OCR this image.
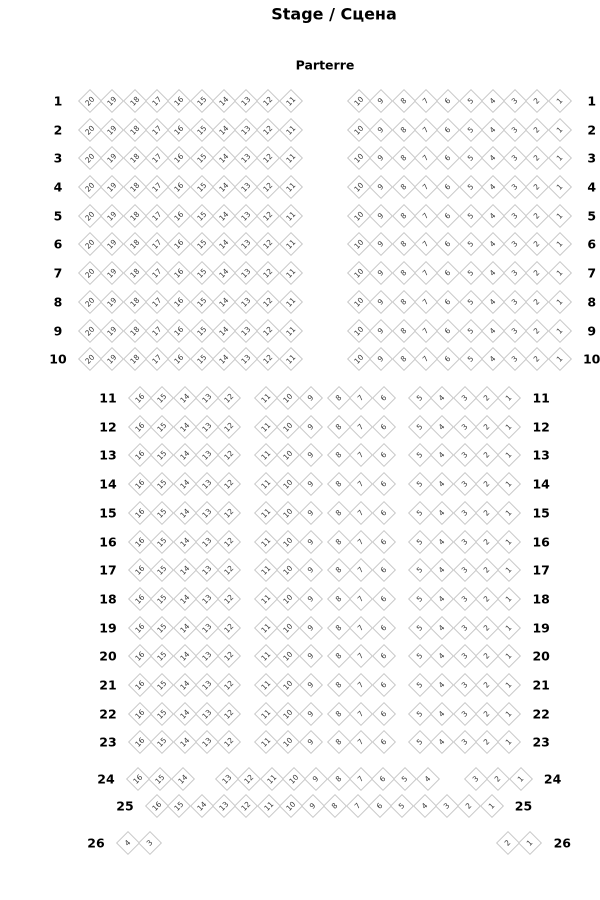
Stage / Сцена
Parterre
1	1
20 19 18 17 16 15 14 13 12 11	10 9 8 7 6 5 4 3 2 1
2	2
20 19 18 17 16 15 14 13 12 11	10 9 8 7 6 5 4 3 2 1
3	3
20 19 18 17 16 15 14 13 12 11	10 9 8 7 6 5 4 3 2 1
4	4
20 19 18 17 16 15 14 13 12 11	10 9 8 7 6 5 4 3 2 1
5	5
20 19 18 17 16 15 14 13 12 11	10 9 8 7 6 5 4 3 2 1
6	6
20 19 18 17 16 15 14 13 12 11	10 9 8 7 6 5 4 3 2 1
7	7
20 19 18 17 16 15 14 13 12 11	10 9 8 7 6 5 4 3 2 1
8	8
20 19 18 17 16 15 14 13 12 11	10 9 8 7 6 5 4 3 2 1
9	9
20 19 18 17 16 15 14 13 12 11	10 9 8 7 6 5 4 3 2 1
10	10
20 19 18 17 16 15 14 13 12 11	10 9 8 7 6 5 4 3 2 1
11	11
16 15 14 13 12	11 10 9 8 7 6	5 4 3 2 1
12	12
16 15 14 13 12	11 10 9 8 7 6	5 4 3 2 1
13	13
16 15 14 13 12	11 10 9 8 7 6	5 4 3 2 1
14	14
16 15 14 13 12	11 10 9 8 7 6	5 4 3 2 1
15	15
16 15 14 13 12	11 10 9 8 7 6	5 4 3 2 1
16	16
16 15 14 13 12	11 10 9 8 7 6	5 4 3 2 1
17	17
16 15 14 13 12	11 10 9 8 7 6	5 4 3 2 1
18	18
16 15 14 13 12	11 10 9 8 7 6	5 4 3 2 1
19	19
16 15 14 13 12	11 10 9 8 7 6	5 4 3 2 1
20	20
16 15 14 13 12	11 10 9 8 7 6	5 4 3 2 1
21	21
16 15 14 13 12	11 10 9 8 7 6	5 4 3 2 1
22	22
16 15 14 13 12	11 10 9 8 7 6	5 4 3 2 1
23	23
16 15 14 13 12	11 10 9 8 7 6	5 4 3 2 1
24	24
16 15 14	13 12 11 10 9 8 7 6 5 4	3 2 1
25	25
16 15 14 13 12 11 10 9 8 7 6 5 4 3 2 1
26	26
4 3	2 1
